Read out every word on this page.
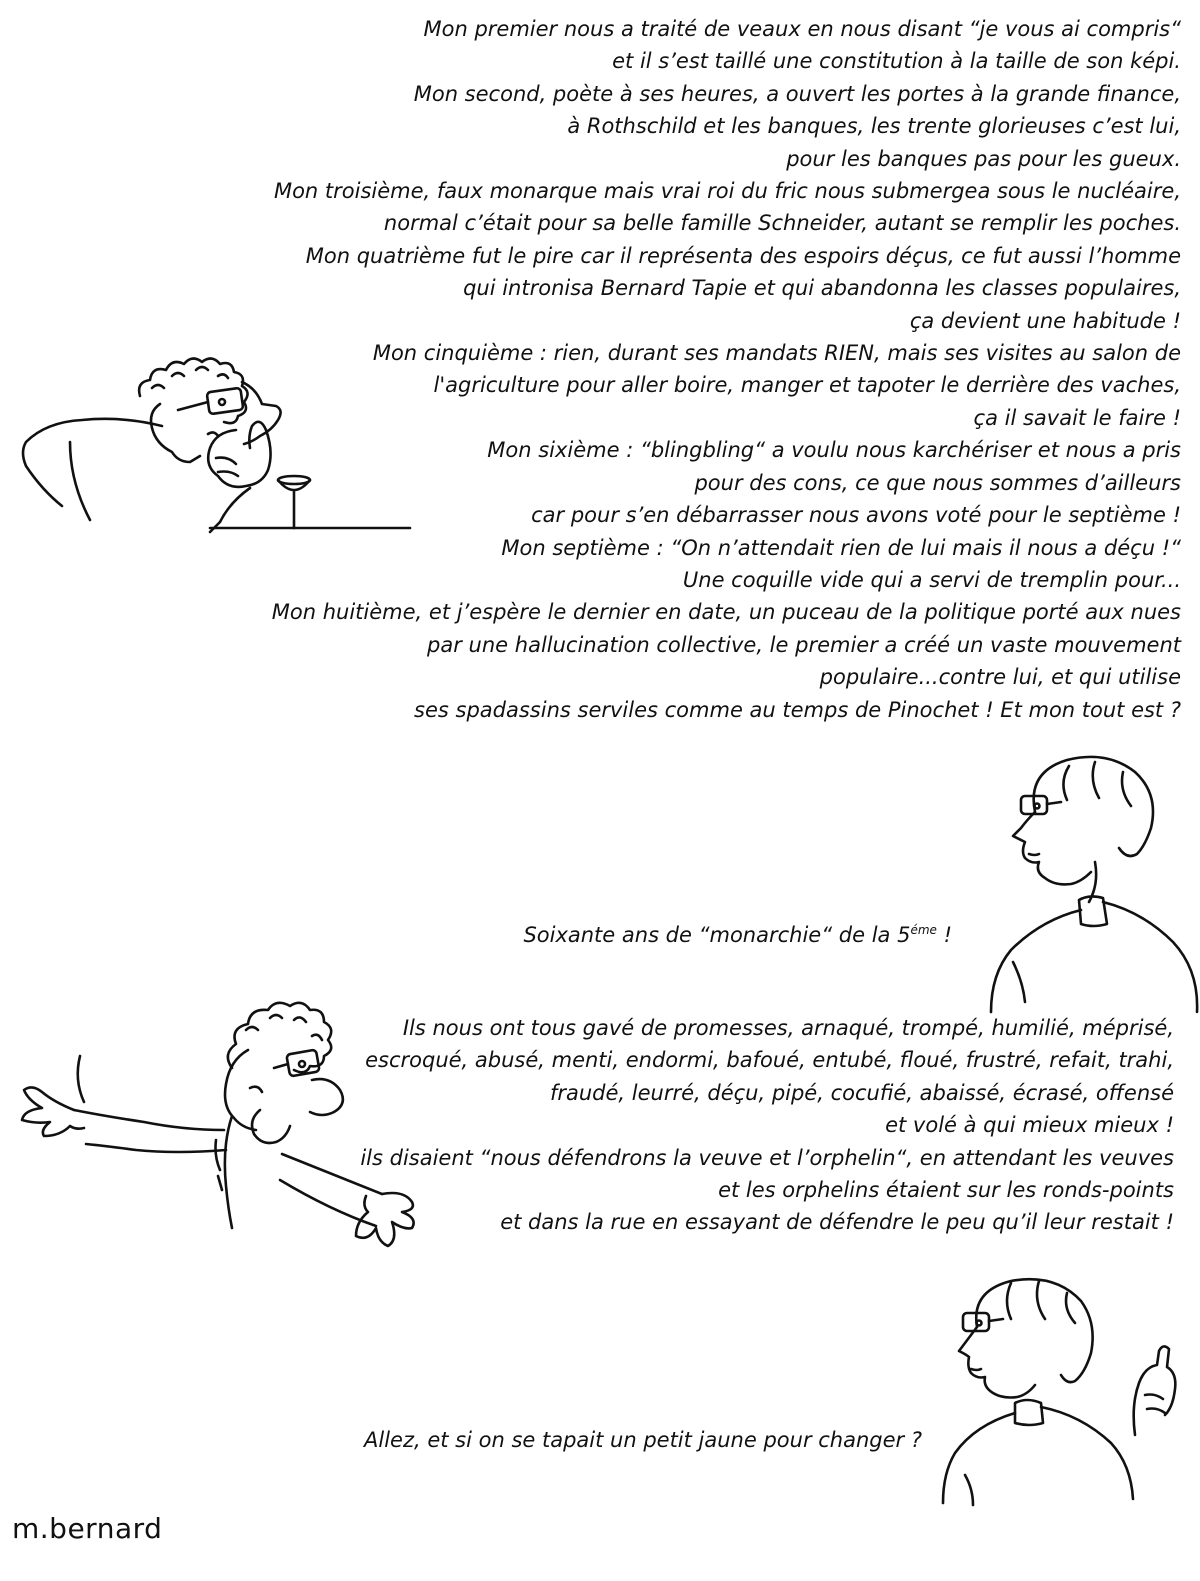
Mon premier nous a traité de veaux en nous disant “je vous ai compris“
et il s’est taillé une constitution à la taille de son képi.
Mon second, poète à ses heures, a ouvert les portes à la grande finance,
à Rothschild et les banques, les trente glorieuses c’est lui,
pour les banques pas pour les gueux.
Mon troisième, faux monarque mais vrai roi du fric nous submergea sous le nucléaire,
normal c’était pour sa belle famille Schneider, autant se remplir les poches.
Mon quatrième fut le pire car il représenta des espoirs déçus, ce fut aussi l’homme
qui intronisa Bernard Tapie et qui abandonna les classes populaires,
ça devient une habitude !
Mon cinquième : rien, durant ses mandats RIEN, mais ses visites au salon de
l'agriculture pour aller boire, manger et tapoter le derrière des vaches,
ça il savait le faire !
Mon sixième : “blingbling“ a voulu nous karchériser et nous a pris
pour des cons, ce que nous sommes d’ailleurs
car pour s’en débarrasser nous avons voté pour le septième !
Mon septième : “On n’attendait rien de lui mais il nous a déçu !“
Une coquille vide qui a servi de tremplin pour...
Mon huitième, et j’espère le dernier en date, un puceau de la politique porté aux nues
par une hallucination collective, le premier a créé un vaste mouvement
populaire...contre lui, et qui utilise
ses spadassins serviles comme au temps de Pinochet ! Et mon tout est ?
Soixante ans de “monarchie“ de la $5^{éme}$ !
Ils nous ont tous gavé de promesses, arnaqué, trompé, humilié, méprisé,
escroqué, abusé, menti, endormi, bafoué, entubé, floué, frustré, refait, trahi,
fraudé, leurré, déçu, pipé, cocufié, abaissé, écrasé, offensé
et volé à qui mieux mieux !
ils disaient “nous défendrons la veuve et l’orphelin“, en attendant les veuves
et les orphelins étaient sur les ronds-points
et dans la rue en essayant de défendre le peu qu’il leur restait !
Allez, et si on se tapait un petit jaune pour changer ?
m.bernard
